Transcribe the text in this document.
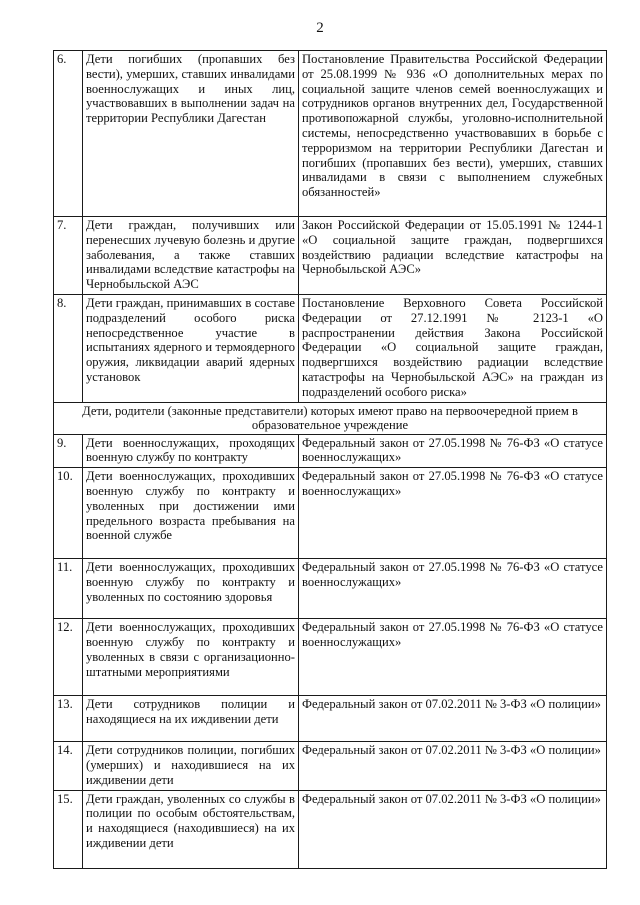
2
6.	Дети погибших (пропавших без вести), умерших, ставших инвалидами военнослужащих и иных лиц, участвовавших в выполнении задач на территории Республики Дагестан	Постановление Правительства Российской Федерации от 25.08.1999 № 936 «О дополнительных мерах по социальной защите членов семей военнослужащих и сотрудников органов внутренних дел, Государственной противопожарной службы, уголовно-исполнительной системы, непосредственно участвовавших в борьбе с терроризмом на территории Республики Дагестан и погибших (пропавших без вести), умерших, ставших инвалидами в связи с выполнением служебных обязанностей»
7.	Дети граждан, получивших или перенесших лучевую болезнь и другие заболевания, а также ставших инвалидами вследствие катастрофы на Чернобыльской АЭС	Закон Российской Федерации от 15.05.1991 № 1244-1 «О социальной защите граждан, подвергшихся воздействию радиации вследствие катастрофы на Чернобыльской АЭС»
8.	Дети граждан, принимавших в составе подразделений особого риска непосредственное участие в испытаниях ядерного и термоядерного оружия, ликвидации аварий ядерных установок	Постановление Верховного Совета Российской Федерации от 27.12.1991 № 2123-1 «О распространении действия Закона Российской Федерации «О социальной защите граждан, подвергшихся воздействию радиации вследствие катастрофы на Чернобыльской АЭС» на граждан из подразделений особого риска»
Дети, родители (законные представители) которых имеют право на первоочередной прием в образовательное учреждение		
9.	Дети военнослужащих, проходящих военную службу по контракту	Федеральный закон от 27.05.1998 № 76-ФЗ «О статусе военнослужащих»
10.	Дети военнослужащих, проходивших военную службу по контракту и уволенных при достижении ими предельного возраста пребывания на военной службе	Федеральный закон от 27.05.1998 № 76-ФЗ «О статусе военнослужащих»
11.	Дети военнослужащих, проходивших военную службу по контракту и уволенных по состоянию здоровья	Федеральный закон от 27.05.1998 № 76-ФЗ «О статусе военнослужащих»
12.	Дети военнослужащих, проходивших военную службу по контракту и уволенных в связи с организационно-штатными мероприятиями	Федеральный закон от 27.05.1998 № 76-ФЗ «О статусе военнослужащих»
13.	Дети сотрудников полиции и находящиеся на их иждивении дети	Федеральный закон от 07.02.2011 № 3-ФЗ «О полиции»
14.	Дети сотрудников полиции, погибших (умерших) и находившиеся на их иждивении дети	Федеральный закон от 07.02.2011 № 3-ФЗ «О полиции»
15.	Дети граждан, уволенных со службы в полиции по особым обстоятельствам, и находящиеся (находившиеся) на их иждивении дети	Федеральный закон от 07.02.2011 № 3-ФЗ «О полиции»
